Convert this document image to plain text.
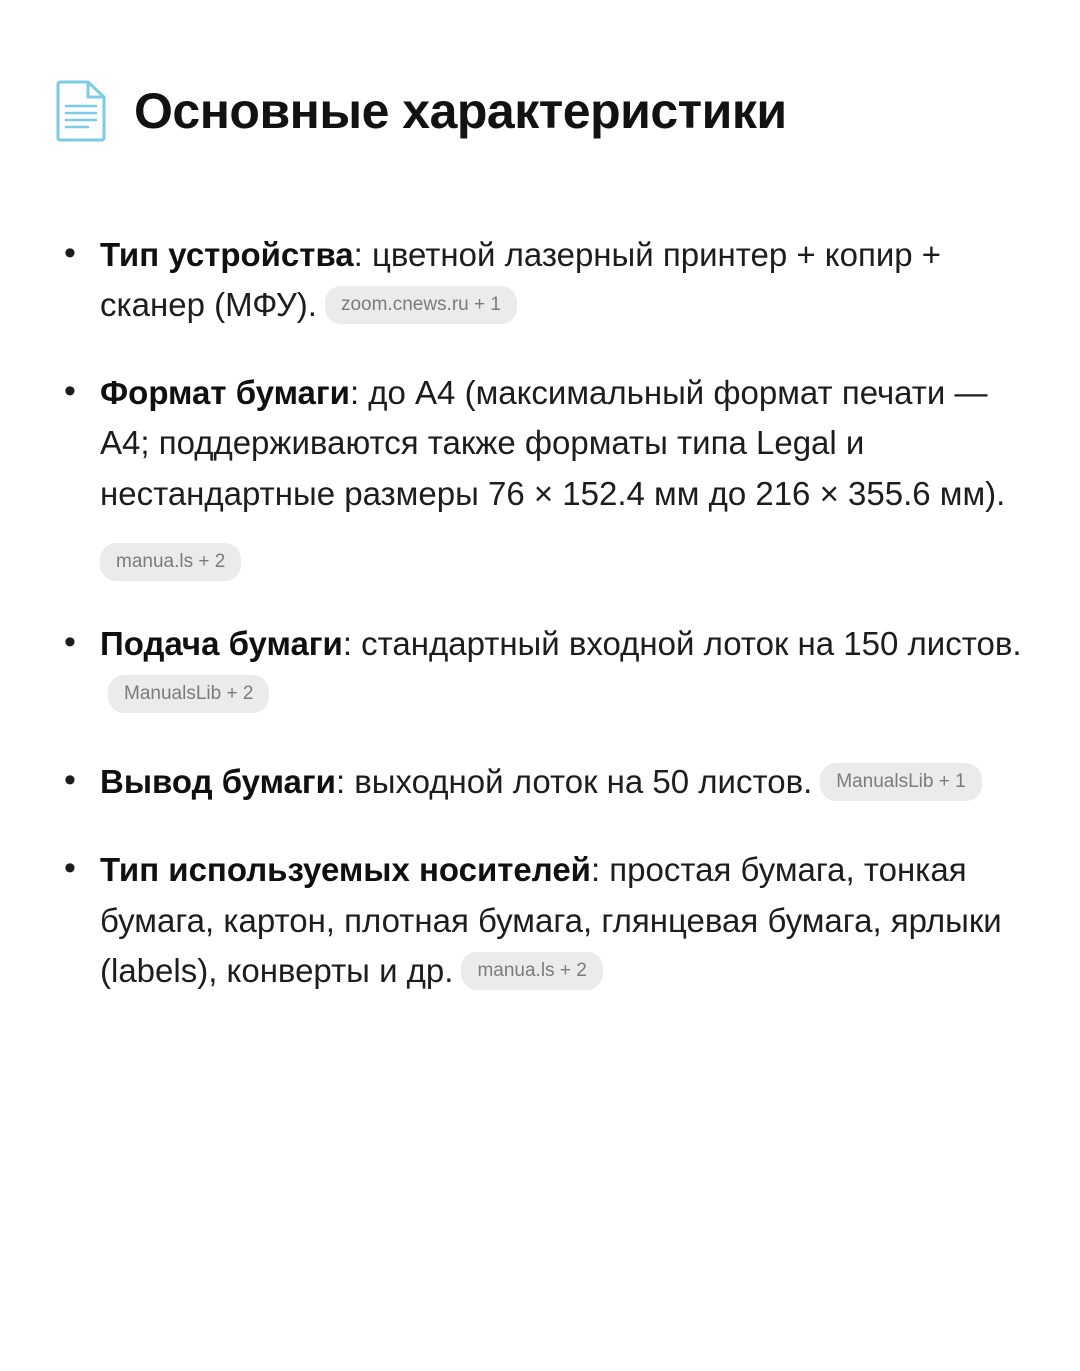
Основные характеристики
• Тип устройства: цветной лазерный принтер + копир + сканер (МФУ). zoom.cnews.ru + 1
• Формат бумаги: до A4 (максимальный формат печати — A4; поддерживаются также форматы типа Legal и нестандартные размеры 76 × 152.4 мм до 216 × 355.6 мм).
manua.ls + 2
• Подача бумаги: стандартный входной лоток на 150 листов.ManualsLib + 2
• Вывод бумаги: выходной лоток на 50 листов. ManualsLib + 1
• Тип используемых носителей: простая бумага, тонкая бумага, картон, плотная бумага, глянцевая бумага, ярлыки (labels), конверты и др. manua.ls + 2
